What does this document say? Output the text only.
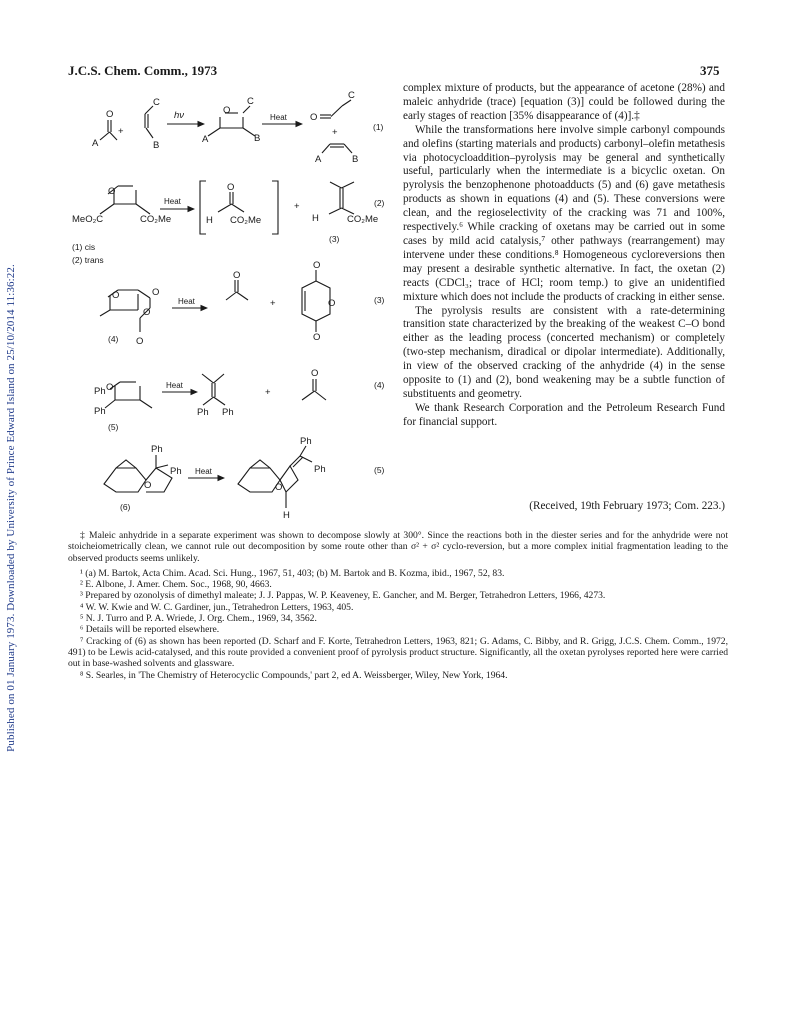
Published on 01 January 1973. Downloaded by University of Prince Edward Island on 25/10/2014 11:36:22.
J.C.S. Chem. Comm., 1973	375
O
A
+
C
B
hν	O
C
A	B
Heat O
C
+
A	B
(1)
O
MeO₂C	CO₂Me
Heat
O
H CO₂Me
+
H	CO₂Me
(2)
(3)
(1) cis
(2) trans
O	O
O
O
(4)
Heat
O
+
O
O
O
(3)
Ph O
Ph
(5)
Heat
Ph Ph
+
O
(4)
Ph
Ph
O
(6)
Heat
Ph
Ph
O
H
(5)

complex mixture of products, but the appearance of acetone (28%) and maleic anhydride (trace) [equation (3)] could be followed during the early stages of reaction [35% disappearance of (4)].‡

While the transformations here involve simple carbonyl compounds and olefins (starting materials and products) carbonyl–olefin metathesis via photocycloaddition–pyrolysis may be general and synthetically useful, particularly when the intermediate is a bicyclic oxetan. On pyrolysis the benzophenone photoadducts (5) and (6) gave metathesis products as shown in equations (4) and (5). These conversions were clean, and the regioselectivity of the cracking was 71 and 100%, respectively.⁶ While cracking of oxetans may be carried out in some cases by mild acid catalysis,⁷ other pathways (rearrangement) may intervene under these conditions.⁸ Homogeneous cycloreversions then may present a desirable synthetic alternative. In fact, the oxetan (2) reacts (CDCl₃; trace of HCl; room temp.) to give an unidentified mixture which does not include the products of cracking in either sense.

The pyrolysis results are consistent with a rate-determining transition state characterized by the breaking of the weakest C–O bond either as the leading process (concerted mechanism) or completely (two-step mechanism, diradical or dipolar intermediate). Additionally, in view of the observed cracking of the anhydride (4) in the sense opposite to (1) and (2), bond weakening may be a subtle function of substituents and geometry.

We thank Research Corporation and the Petroleum Research Fund for financial support.

(Received, 19th February 1973; Com. 223.)

‡ Maleic anhydride in a separate experiment was shown to decompose slowly at 300°. Since the reactions both in the diester series and for the anhydride were not stoicheiometrically clean, we cannot rule out decomposition by some route other than σ² + σ² cyclo-reversion, but a more complex initial fragmentation leading to the observed products seems unlikely.

¹ (a) M. Bartok, Acta Chim. Acad. Sci. Hung., 1967, 51, 403; (b) M. Bartok and B. Kozma, ibid., 1967, 52, 83.

² E. Albone, J. Amer. Chem. Soc., 1968, 90, 4663.

³ Prepared by ozonolysis of dimethyl maleate; J. J. Pappas, W. P. Keaveney, E. Gancher, and M. Berger, Tetrahedron Letters, 1966, 4273.

⁴ W. W. Kwie and W. C. Gardiner, jun., Tetrahedron Letters, 1963, 405.

⁵ N. J. Turro and P. A. Wriede, J. Org. Chem., 1969, 34, 3562.

⁶ Details will be reported elsewhere.

⁷ Cracking of (6) as shown has been reported (D. Scharf and F. Korte, Tetrahedron Letters, 1963, 821; G. Adams, C. Bibby, and R. Grigg, J.C.S. Chem. Comm., 1972, 491) to be Lewis acid-catalysed, and this route provided a convenient proof of pyrolysis product structure. Significantly, all the oxetan pyrolyses reported here were carried out in base-washed solvents and glassware.

⁸ S. Searles, in 'The Chemistry of Heterocyclic Compounds,' part 2, ed A. Weissberger, Wiley, New York, 1964.
